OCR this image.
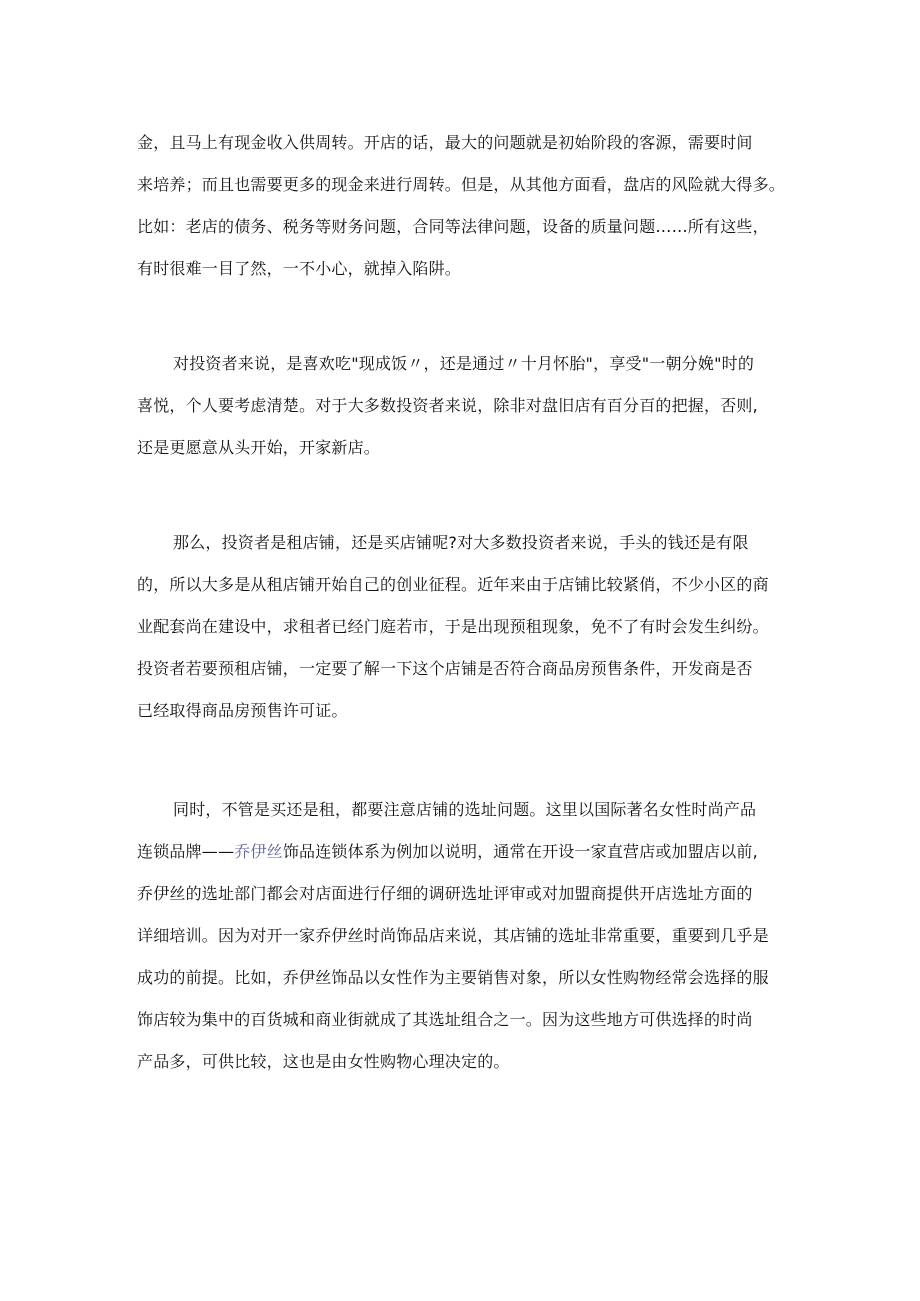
金，且马上有现金收入供周转。开店的话，最大的问题就是初始阶段的客源，需要时间
来培养；而且也需要更多的现金来进行周转。但是，从其他方面看，盘店的风险就大得多。
比如：老店的债务、税务等财务问题，合同等法律问题，设备的质量问题……所有这些，
有时很难一目了然，一不小心，就掉入陷阱。
对投资者来说，是喜欢吃"现成饭〃，还是通过〃十月怀胎"，享受"一朝分娩"时的
喜悦，个人要考虑清楚。对于大多数投资者来说，除非对盘旧店有百分百的把握，否则,
还是更愿意从头开始，开家新店。
那么，投资者是租店铺，还是买店铺呢?对大多数投资者来说，手头的钱还是有限
的，所以大多是从租店铺开始自己的创业征程。近年来由于店铺比较紧俏，不少小区的商
业配套尚在建设中，求租者已经门庭若市，于是出现预租现象，免不了有时会发生纠纷。
投资者若要预租店铺，一定要了解一下这个店铺是否符合商品房预售条件，开发商是否
已经取得商品房预售许可证。
同时，不管是买还是租，都要注意店铺的选址问题。这里以国际著名女性时尚产品
连锁品牌——乔伊丝饰品连锁体系为例加以说明，通常在开设一家直营店或加盟店以前,
乔伊丝的选址部门都会对店面进行仔细的调研选址评审或对加盟商提供开店选址方面的
详细培训。因为对开一家乔伊丝时尚饰品店来说，其店铺的选址非常重要，重要到几乎是
成功的前提。比如，乔伊丝饰品以女性作为主要销售对象，所以女性购物经常会选择的服
饰店较为集中的百货城和商业街就成了其选址组合之一。因为这些地方可供选择的时尚
产品多，可供比较，这也是由女性购物心理决定的。
